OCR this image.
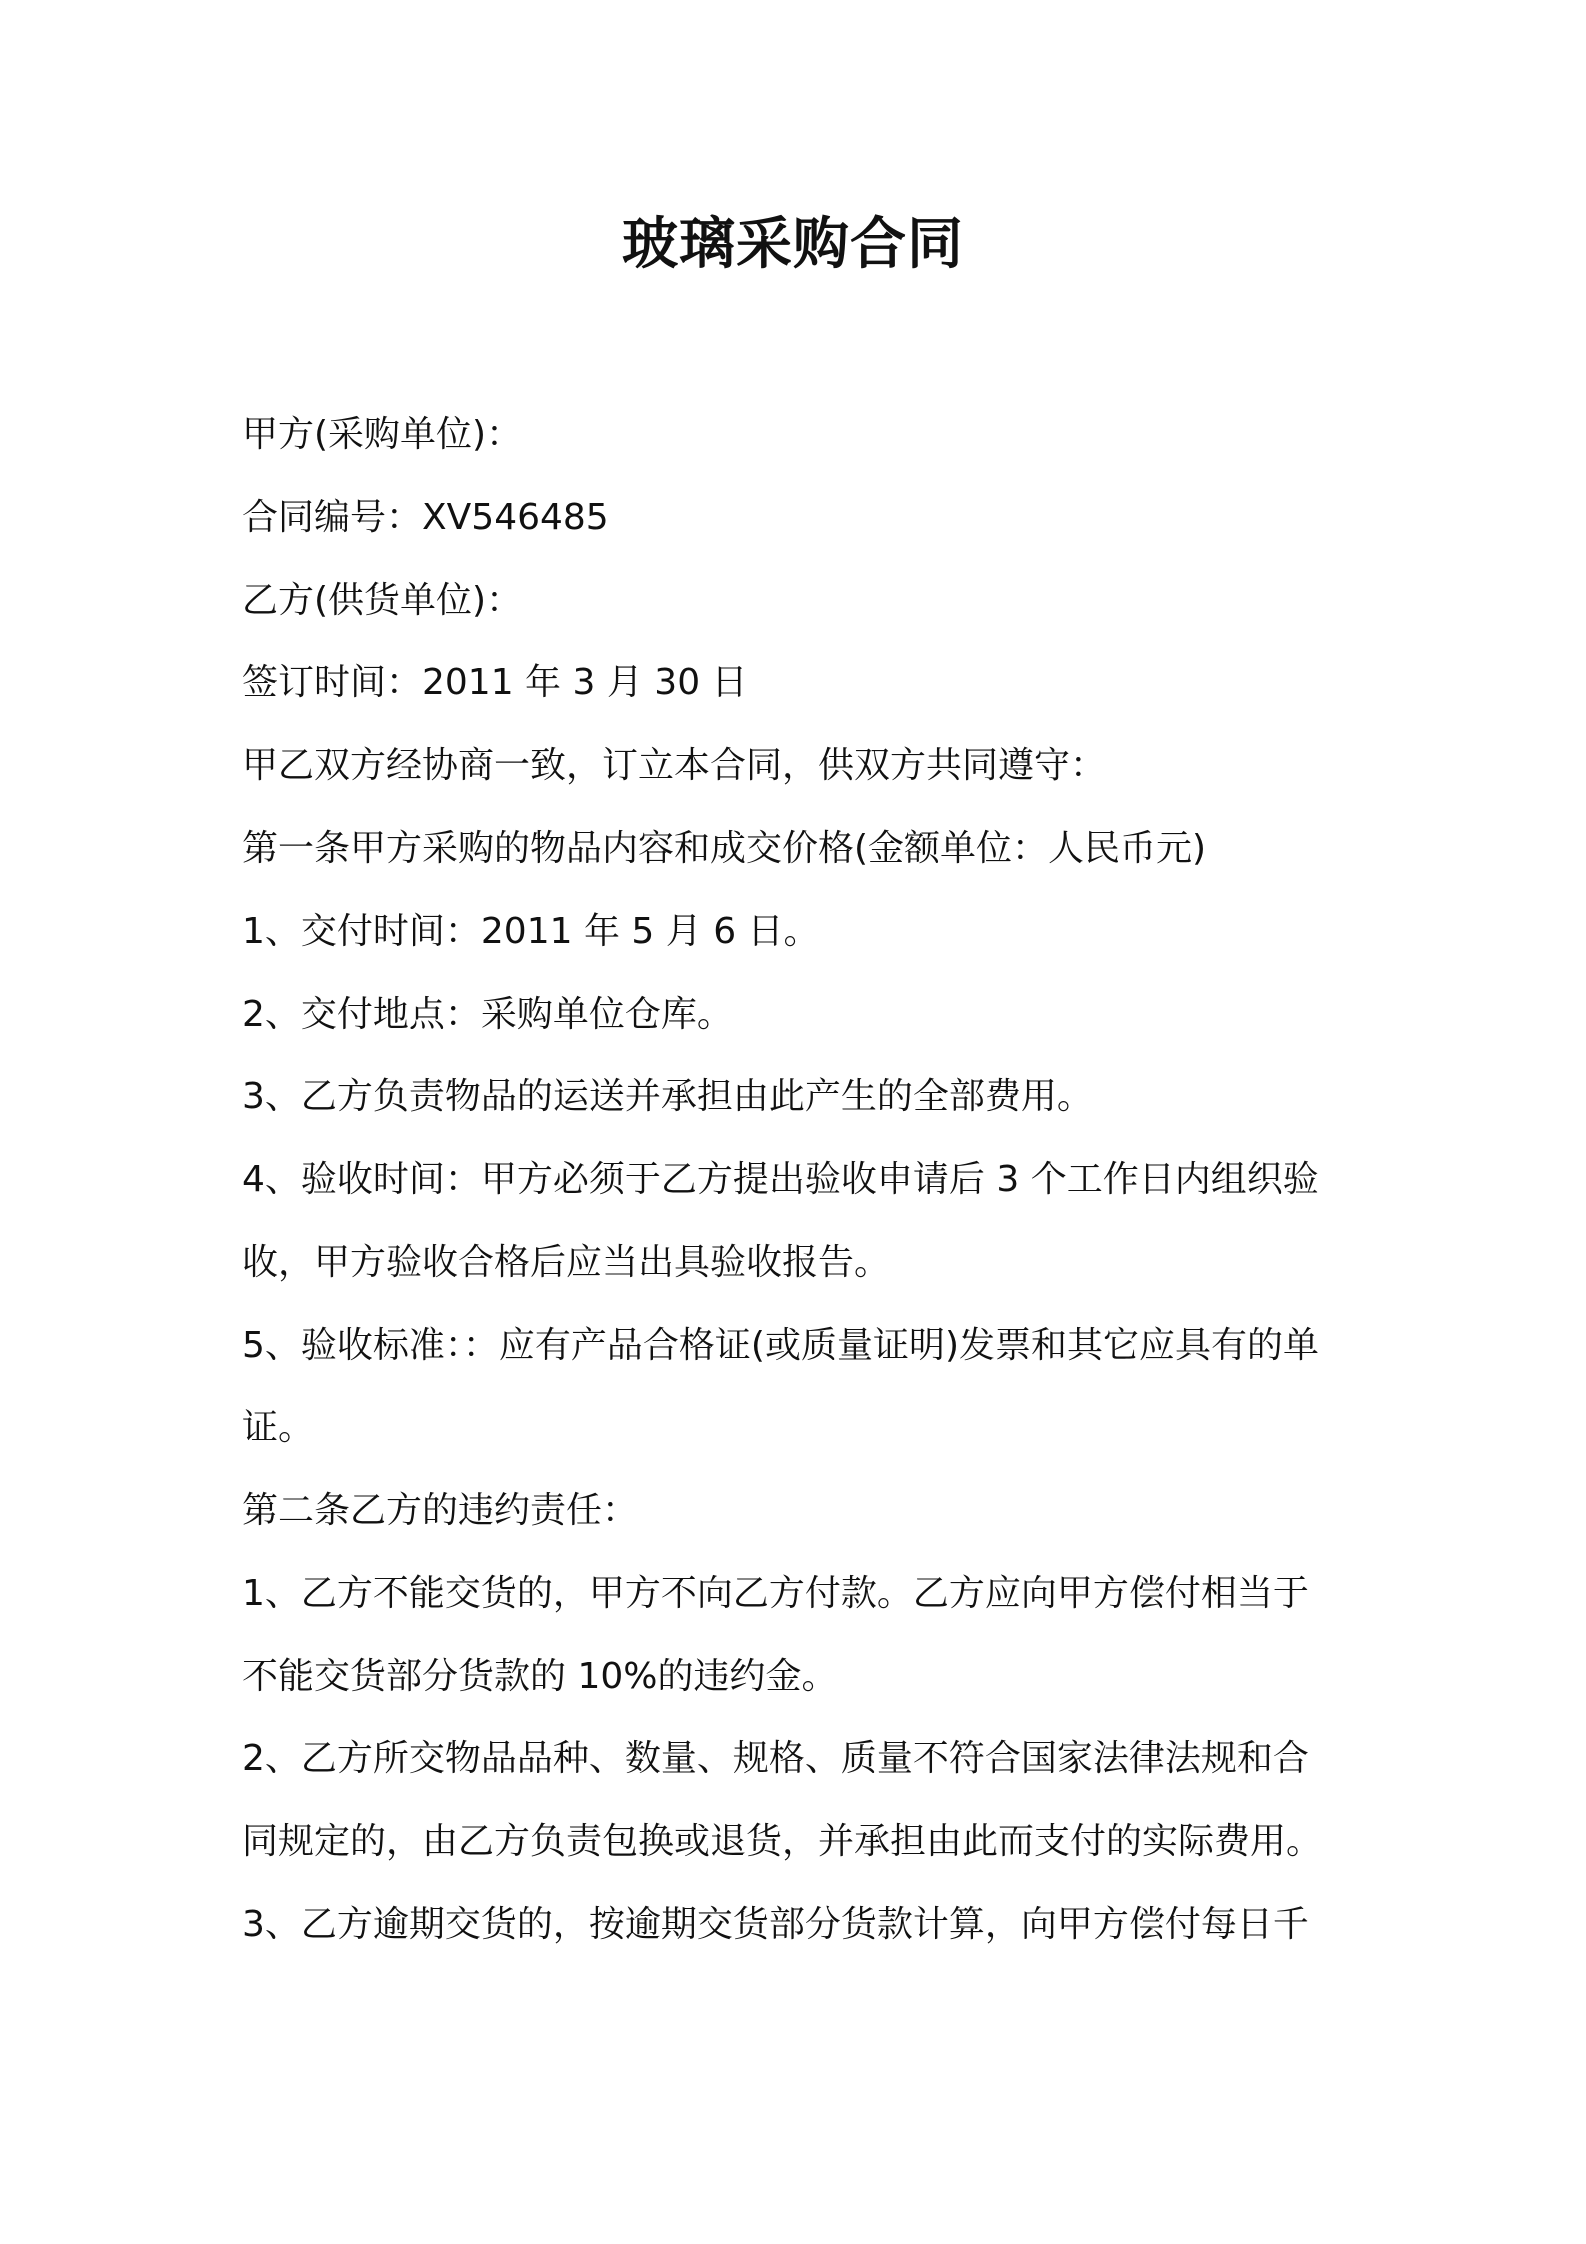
玻璃采购合同
甲方(采购单位)：
合同编号：XV546485
乙方(供货单位)：
签订时间：2011 年 3 月 30 日
甲乙双方经协商一致，订立本合同，供双方共同遵守：
第一条甲方采购的物品内容和成交价格(金额单位：人民币元)
1、交付时间：2011 年 5 月 6 日。
2、交付地点：采购单位仓库。
3、乙方负责物品的运送并承担由此产生的全部费用。
4、验收时间：甲方必须于乙方提出验收申请后 3 个工作日内组织验
收，甲方验收合格后应当出具验收报告。
5、验收标准：：应有产品合格证(或质量证明)发票和其它应具有的单
证。
第二条乙方的违约责任：
1、乙方不能交货的，甲方不向乙方付款。乙方应向甲方偿付相当于
不能交货部分货款的 10%的违约金。
2、乙方所交物品品种、数量、规格、质量不符合国家法律法规和合
同规定的，由乙方负责包换或退货，并承担由此而支付的实际费用。
3、乙方逾期交货的，按逾期交货部分货款计算，向甲方偿付每日千
